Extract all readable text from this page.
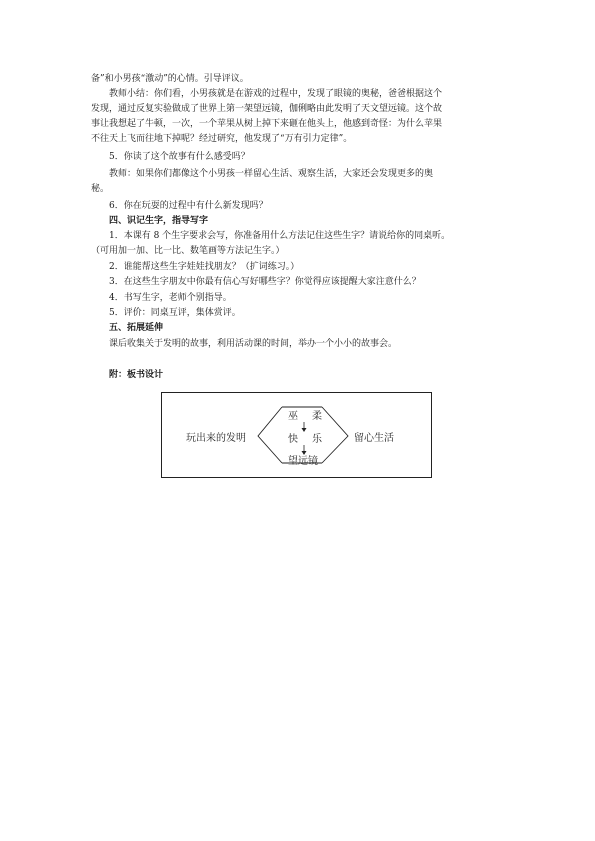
备”和小男孩“激动”的心情。引导评议。

教师小结：你们看，小男孩就是在游戏的过程中，发现了眼镜的奥秘，爸爸根据这个

发现，通过反复实验做成了世界上第一架望远镜，伽俐略由此发明了天文望远镜。这个故

事让我想起了牛顿，一次，一个苹果从树上掉下来砸在他头上，他感到奇怪：为什么苹果

不往天上飞而往地下掉呢？经过研究，他发现了“万有引力定律”。

5．你读了这个故事有什么感受吗？

教师：如果你们都像这个小男孩一样留心生活、观察生活，大家还会发现更多的奥

秘。

6．你在玩耍的过程中有什么新发现吗？

四、识记生字，指导写字

1．本课有 8 个生字要求会写，你准备用什么方法记住这些生字？请说给你的同桌听。

（可用加一加、比一比、数笔画等方法记生字。）

2．谁能帮这些生字娃娃找朋友？（扩词练习。）

3．在这些生字朋友中你最有信心写好哪些字？你觉得应该提醒大家注意什么？

4．书写生字，老师个别指导。

5．评价：同桌互评，集体赏评。

五、拓展延伸

课后收集关于发明的故事，利用活动课的时间，举办一个小小的故事会。

附：板书设计

玩出来的发明
巫 柔
快 乐
望远镜
留心生活
